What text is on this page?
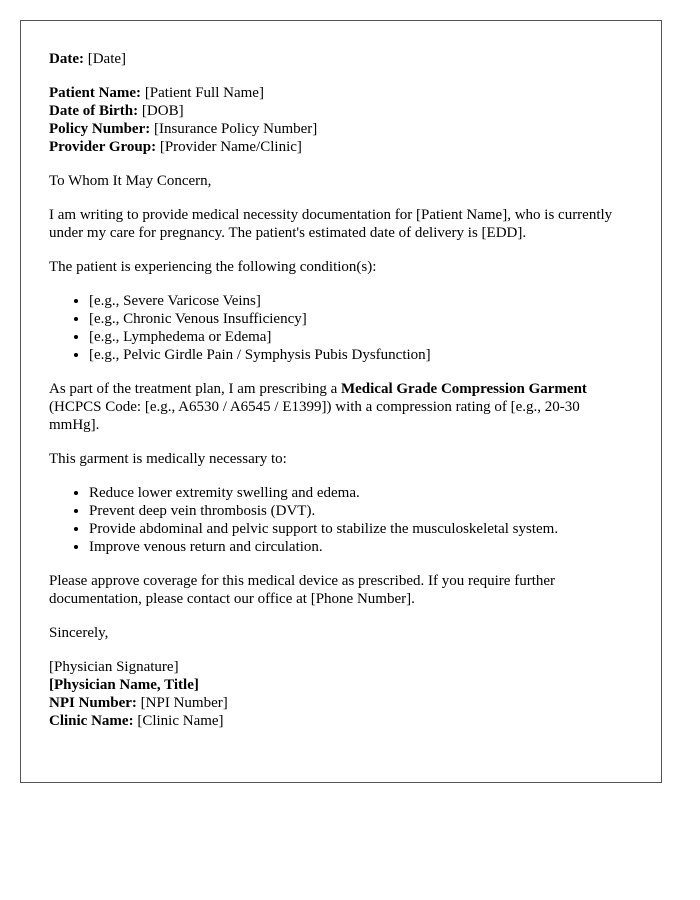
Date: [Date]

Patient Name: [Patient Full Name]
Date of Birth: [DOB]
Policy Number: [Insurance Policy Number]
Provider Group: [Provider Name/Clinic]

To Whom It May Concern,

I am writing to provide medical necessity documentation for [Patient Name], who is currently under my care for pregnancy. The patient's estimated date of delivery is [EDD].

The patient is experiencing the following condition(s):

• [e.g., Severe Varicose Veins]
• [e.g., Chronic Venous Insufficiency]
• [e.g., Lymphedema or Edema]
• [e.g., Pelvic Girdle Pain / Symphysis Pubis Dysfunction]

As part of the treatment plan, I am prescribing a Medical Grade Compression Garment (HCPCS Code: [e.g., A6530 / A6545 / E1399]) with a compression rating of [e.g., 20-30 mmHg].

This garment is medically necessary to:

• Reduce lower extremity swelling and edema.
• Prevent deep vein thrombosis (DVT).
• Provide abdominal and pelvic support to stabilize the musculoskeletal system.
• Improve venous return and circulation.

Please approve coverage for this medical device as prescribed. If you require further documentation, please contact our office at [Phone Number].

Sincerely,

[Physician Signature]
[Physician Name, Title]
NPI Number: [NPI Number]
Clinic Name: [Clinic Name]
